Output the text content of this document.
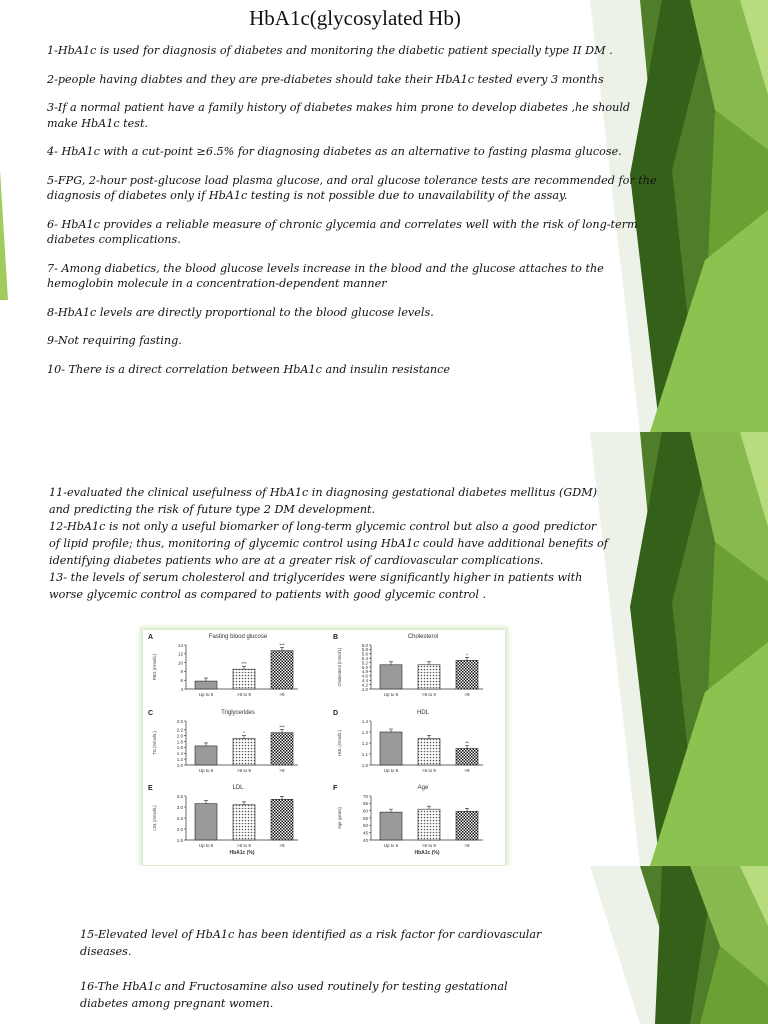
HbA1c(glycosylated Hb)

1-HbA1c is used for diagnosis of diabetes and monitoring the diabetic patient specially type II DM .

2-people having diabtes and they are pre-diabetes should take their HbA1c tested every 3 months

3-If a normal patient have a family history of diabetes makes him prone to develop diabetes ,he should make HbA1c test.

4- HbA1c with a cut-point ≥6.5% for diagnosing diabetes as an alternative to fasting plasma glucose.

5-FPG, 2-hour post-glucose load plasma glucose, and oral glucose tolerance tests are recommended for the diagnosis of diabetes only if HbA1c testing is not possible due to unavailability of the assay.

6- HbA1c provides a reliable measure of chronic glycemia and correlates well with the risk of long-term diabetes complications.

7- Among diabetics, the blood glucose levels increase in the blood and the glucose attaches to the hemoglobin molecule in a concentration-dependent manner

8-HbA1c levels are directly proportional to the blood glucose levels.

9-Not requiring fasting.

10- There is a direct correlation between HbA1c and insulin resistance

11-evaluated the clinical usefulness of HbA1c in diagnosing gestational diabetes mellitus (GDM) and predicting the risk of future type 2 DM development.

12-HbA1c is not only a useful biomarker of long-term glycemic control but also a good predictor of lipid profile; thus, monitoring of glycemic control using HbA1c could have additional benefits of identifying diabetes patients who are at a greater risk of cardiovascular complications.

13- the levels of serum cholesterol and triglycerides were significantly higher in patients with worse glycemic control as compared to patients with good glycemic control .

A	Fasting blood glucose
4
6
8
10
12
14
FBG (mmol/L)
Up to 6
***
>6 to 9
***
>9
B	Cholesterol
4.0
4.2
4.4
4.6
4.8
5.0
5.2
5.4
5.6
5.8
6.0
Cholesterol (mmol/L)
Up to 6	>6 to 9
*
>9
C	Triglycerides
1.0
1.2
1.4
1.6
1.8
2.0
2.2
2.5
TG (mmol/L)
Up to 6
*
>6 to 9
***
>9
D	HDL
1.0
1.1
1.2
1.3
1.4
HDL (mmol/L)
Up to 6	>6 to 9
**
>9
E	LDL
1.5
2.0
2.5
3.0
3.5
LDL (mmol/L)
Up to 6	>6 to 9	>9
HbA1c (%)
F	Age
40
45
50
55
60
65
70
Age (years)
Up to 6	>6 to 9	>9
HbA1c (%)

15-Elevated level of HbA1c has been identified as a risk factor for cardiovascular diseases.

16-The HbA1c and Fructosamine also used routinely for testing gestational diabetes among pregnant women.
